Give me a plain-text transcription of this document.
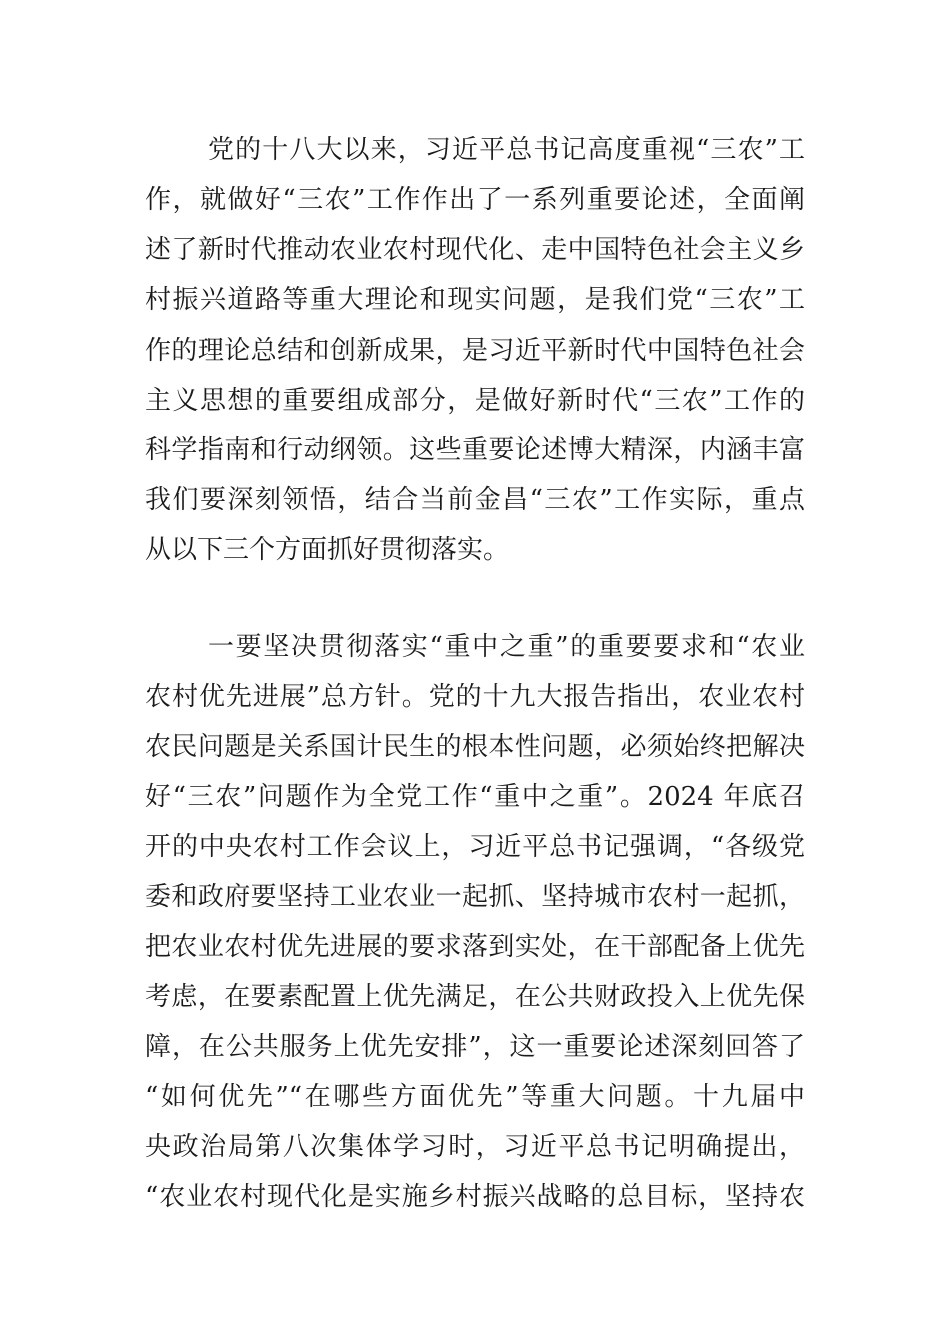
党的十八大以来，习近平总书记高度重视“三农”工
作，就做好“三农”工作作出了一系列重要论述，全面阐
述了新时代推动农业农村现代化、走中国特色社会主义乡
村振兴道路等重大理论和现实问题，是我们党“三农”工
作的理论总结和创新成果，是习近平新时代中国特色社会
主义思想的重要组成部分，是做好新时代“三农”工作的
科学指南和行动纲领。这些重要论述博大精深，内涵丰富
我们要深刻领悟，结合当前金昌“三农”工作实际，重点
从以下三个方面抓好贯彻落实。
一要坚决贯彻落实“重中之重”的重要要求和“农业
农村优先进展”总方针。党的十九大报告指出，农业农村
农民问题是关系国计民生的根本性问题，必须始终把解决
好“三农”问题作为全党工作“重中之重”。2024 年底召
开的中央农村工作会议上，习近平总书记强调，“各级党
委和政府要坚持工业农业一起抓、坚持城市农村一起抓，
把农业农村优先进展的要求落到实处，在干部配备上优先
考虑，在要素配置上优先满足，在公共财政投入上优先保
障，在公共服务上优先安排”，这一重要论述深刻回答了
“如何优先”“在哪些方面优先”等重大问题。十九届中
央政治局第八次集体学习时，习近平总书记明确提出，
“农业农村现代化是实施乡村振兴战略的总目标，坚持农
